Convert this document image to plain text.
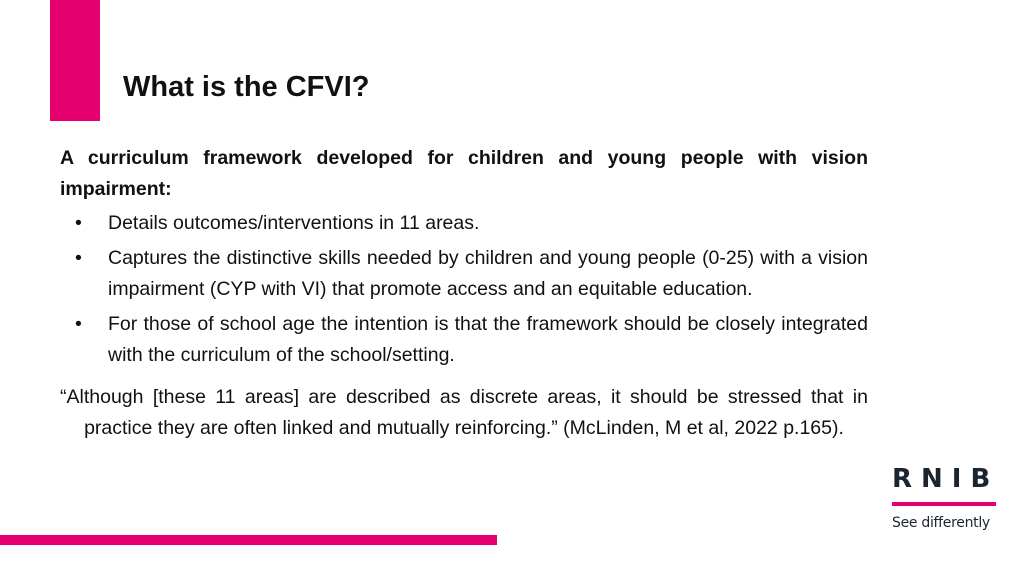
What is the CFVI?

A curriculum framework developed for children and young people with vision impairment:

• Details outcomes/interventions in 11 areas.
• Captures the distinctive skills needed by children and young people (0-25) with a vision impairment (CYP with VI) that promote access and an equitable education.
• For those of school age the intention is that the framework should be closely integrated with the curriculum of the school/setting.

“Although [these 11 areas] are described as discrete areas, it should be stressed that in practice they are often linked and mutually reinforcing.” (McLinden, M et al, 2022 p.165).

RNIB
See differently
